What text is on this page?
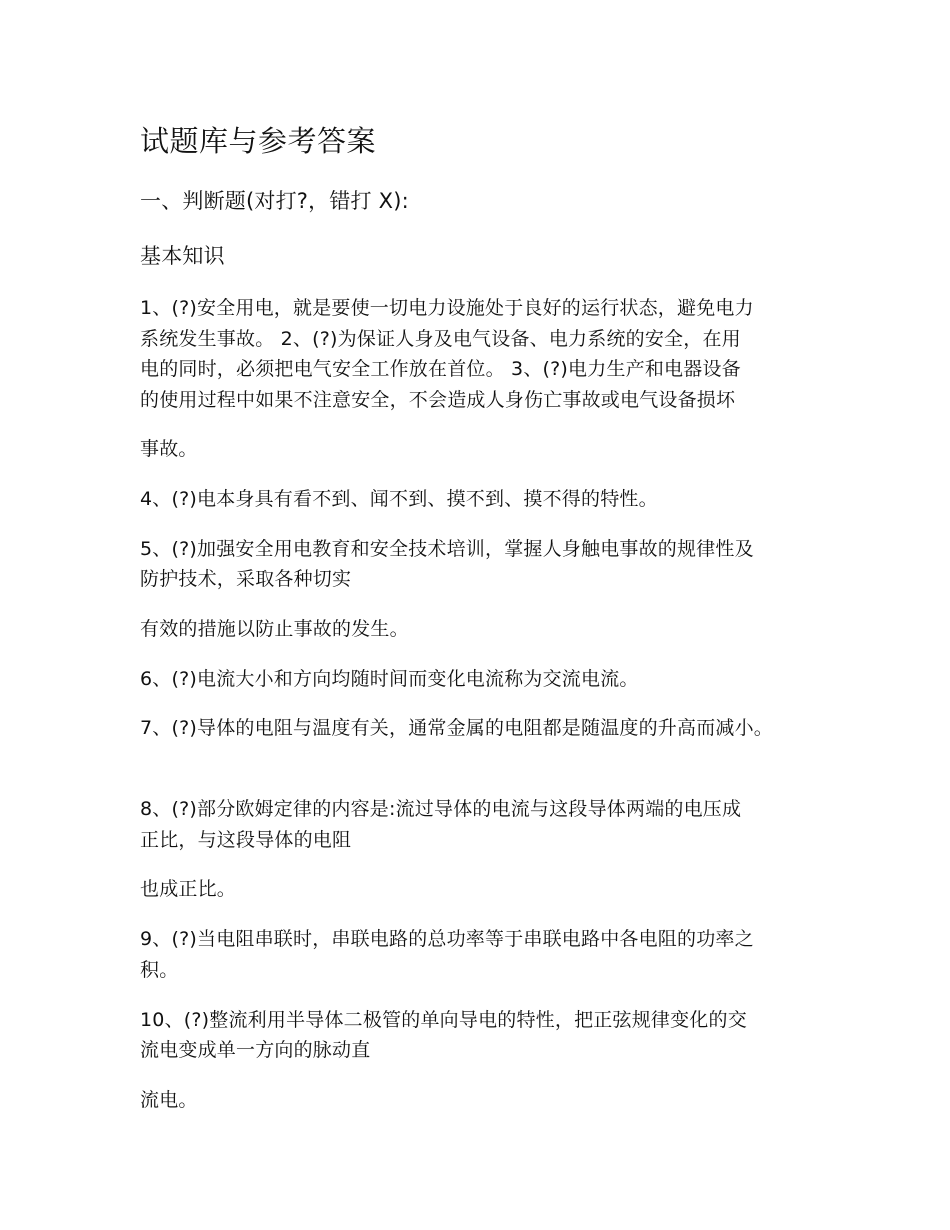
试题库与参考答案
一、判断题(对打?，错打 X):
基本知识
1、(?)安全用电，就是要使一切电力设施处于良好的运行状态，避免电力
系统发生事故。 2、(?)为保证人身及电气设备、电力系统的安全，在用
电的同时，必须把电气安全工作放在首位。 3、(?)电力生产和电器设备
的使用过程中如果不注意安全，不会造成人身伤亡事故或电气设备损坏
事故。
4、(?)电本身具有看不到、闻不到、摸不到、摸不得的特性。
5、(?)加强安全用电教育和安全技术培训，掌握人身触电事故的规律性及
防护技术，采取各种切实
有效的措施以防止事故的发生。
6、(?)电流大小和方向均随时间而变化电流称为交流电流。
7、(?)导体的电阻与温度有关，通常金属的电阻都是随温度的升高而减小。
8、(?)部分欧姆定律的内容是:流过导体的电流与这段导体两端的电压成
正比，与这段导体的电阻
也成正比。
9、(?)当电阻串联时，串联电路的总功率等于串联电路中各电阻的功率之
积。
10、(?)整流利用半导体二极管的单向导电的特性，把正弦规律变化的交
流电变成单一方向的脉动直
流电。
